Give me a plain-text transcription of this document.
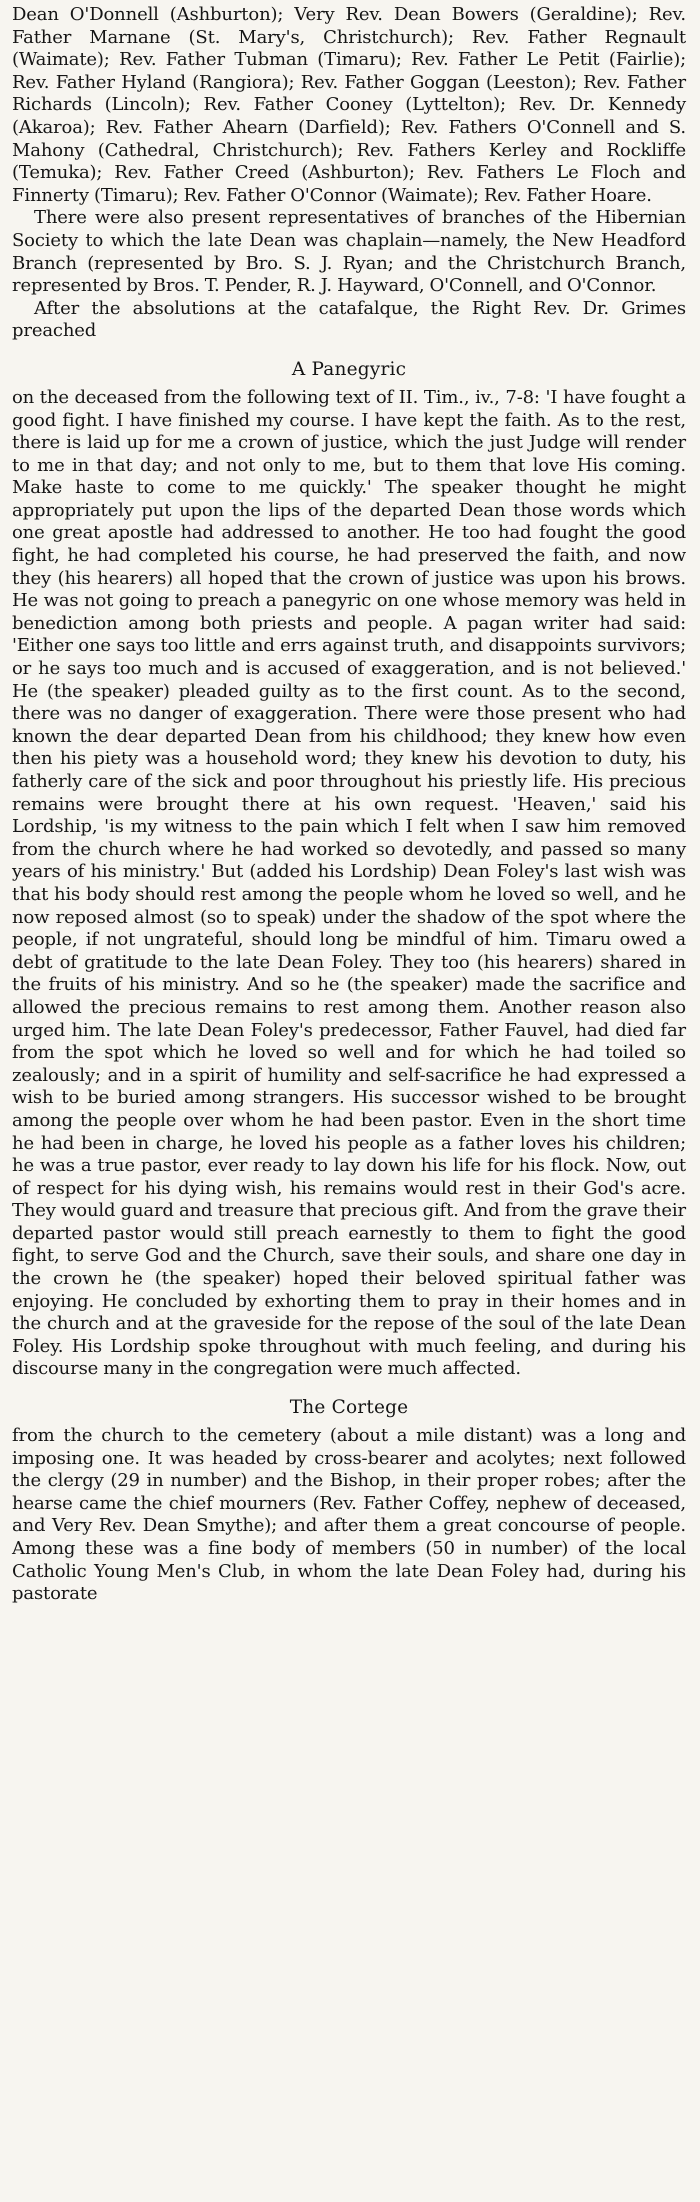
Dean O'Donnell (Ashburton); Very Rev. Dean Bowers (Geraldine); Rev. Father Marnane (St. Mary's, Christchurch); Rev. Father Regnault (Waimate); Rev. Father Tubman (Timaru); Rev. Father Le Petit (Fairlie); Rev. Father Hyland (Rangiora); Rev. Father Goggan (Leeston); Rev. Father Richards (Lincoln); Rev. Father Cooney (Lyttelton); Rev. Dr. Kennedy (Akaroa); Rev. Father Ahearn (Darfield); Rev. Fathers O'Connell and S. Mahony (Cathedral, Christchurch); Rev. Fathers Kerley and Rockliffe (Temuka); Rev. Father Creed (Ashburton); Rev. Fathers Le Floch and Finnerty (Timaru); Rev. Father O'Connor (Waimate); Rev. Father Hoare.

There were also present representatives of branches of the Hibernian Society to which the late Dean was chaplain—namely, the New Headford Branch (represented by Bro. S. J. Ryan; and the Christchurch Branch, represented by Bros. T. Pender, R. J. Hayward, O'Connell, and O'Connor.

After the absolutions at the catafalque, the Right Rev. Dr. Grimes preached

A Panegyric

on the deceased from the following text of II. Tim., iv., 7-8: 'I have fought a good fight. I have finished my course. I have kept the faith. As to the rest, there is laid up for me a crown of justice, which the just Judge will render to me in that day; and not only to me, but to them that love His coming. Make haste to come to me quickly.' The speaker thought he might appropriately put upon the lips of the departed Dean those words which one great apostle had addressed to another. He too had fought the good fight, he had completed his course, he had preserved the faith, and now they (his hearers) all hoped that the crown of justice was upon his brows. He was not going to preach a panegyric on one whose memory was held in benediction among both priests and people. A pagan writer had said: 'Either one says too little and errs against truth, and disappoints survivors; or he says too much and is accused of exaggeration, and is not believed.' He (the speaker) pleaded guilty as to the first count. As to the second, there was no danger of exaggeration. There were those present who had known the dear departed Dean from his childhood; they knew how even then his piety was a household word; they knew his devotion to duty, his fatherly care of the sick and poor throughout his priestly life. His precious remains were brought there at his own request. 'Heaven,' said his Lordship, 'is my witness to the pain which I felt when I saw him removed from the church where he had worked so devotedly, and passed so many years of his ministry.' But (added his Lordship) Dean Foley's last wish was that his body should rest among the people whom he loved so well, and he now reposed almost (so to speak) under the shadow of the spot where the people, if not ungrateful, should long be mindful of him. Timaru owed a debt of gratitude to the late Dean Foley. They too (his hearers) shared in the fruits of his ministry. And so he (the speaker) made the sacrifice and allowed the precious remains to rest among them. Another reason also urged him. The late Dean Foley's predecessor, Father Fauvel, had died far from the spot which he loved so well and for which he had toiled so zealously; and in a spirit of humility and self-sacrifice he had expressed a wish to be buried among strangers. His successor wished to be brought among the people over whom he had been pastor. Even in the short time he had been in charge, he loved his people as a father loves his children; he was a true pastor, ever ready to lay down his life for his flock. Now, out of respect for his dying wish, his remains would rest in their God's acre. They would guard and treasure that precious gift. And from the grave their departed pastor would still preach earnestly to them to fight the good fight, to serve God and the Church, save their souls, and share one day in the crown he (the speaker) hoped their beloved spiritual father was enjoying. He concluded by exhorting them to pray in their homes and in the church and at the graveside for the repose of the soul of the late Dean Foley. His Lordship spoke throughout with much feeling, and during his discourse many in the congregation were much affected.

The Cortege

from the church to the cemetery (about a mile distant) was a long and imposing one. It was headed by cross-bearer and acolytes; next followed the clergy (29 in number) and the Bishop, in their proper robes; after the hearse came the chief mourners (Rev. Father Coffey, nephew of deceased, and Very Rev. Dean Smythe); and after them a great concourse of people. Among these was a fine body of members (50 in number) of the local Catholic Young Men's Club, in whom the late Dean Foley had, during his pastorate
